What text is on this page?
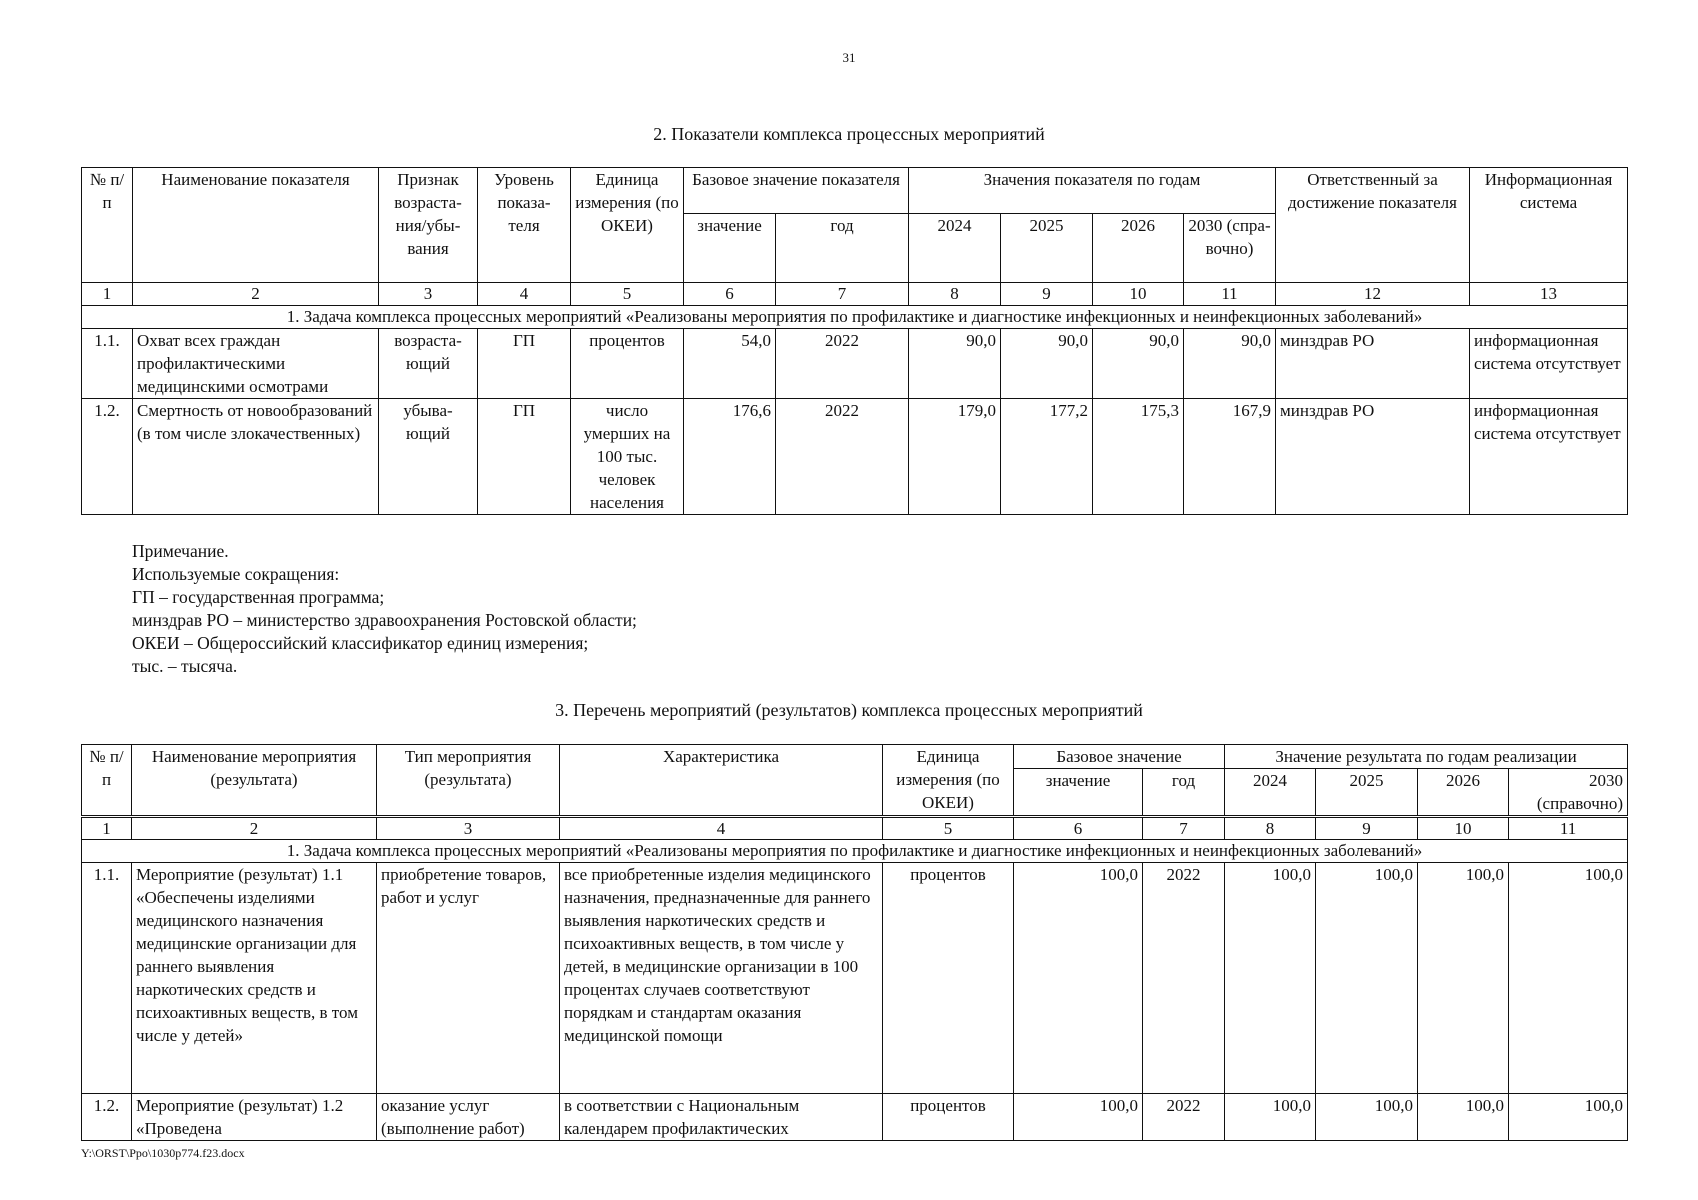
31
2. Показатели комплекса процессных мероприятий
№ п/п	Наименование показателя	Признак возраста-ния/убы-вания	Уровень показа-теля	Единица измерения (по ОКЕИ)	Базовое значение показателя		Значения показателя по годам				Ответственный за достижение показателя	Информационная система
					значение	год	2024	2025	2026	2030 (спра-вочно)		
1	2	3	4	5	6	7	8	9	10	11	12	13
1. Задача комплекса процессных мероприятий «Реализованы мероприятия по профилактике и диагностике инфекционных и неинфекционных заболеваний»												
1.1.	Охват всех граждан профилактическими медицинскими осмотрами	возраста-ющий	ГП	процентов	54,0	2022	90,0	90,0	90,0	90,0	минздрав РО	информационная система отсутствует
1.2.	Смертность от новообразований (в том числе злокачественных)	убыва-ющий	ГП	число умерших на 100 тыс. человек населения	176,6	2022	179,0	177,2	175,3	167,9	минздрав РО	информационная система отсутствует
Примечание.
Используемые сокращения:
ГП – государственная программа;
минздрав РО – министерство здравоохранения Ростовской области;
ОКЕИ – Общероссийский классификатор единиц измерения;
тыс. – тысяча.
3. Перечень мероприятий (результатов) комплекса процессных мероприятий
№ п/п	Наименование мероприятия (результата)	Тип мероприятия (результата)	Характеристика	Единица измерения (по ОКЕИ)	Базовое значение		Значение результата по годам реализации			
					значение	год	2024	2025	2026	2030 (справочно)
1	2	3	4	5	6	7	8	9	10	11
1. Задача комплекса процессных мероприятий «Реализованы мероприятия по профилактике и диагностике инфекционных и неинфекционных заболеваний»										
1.1.	Мероприятие (результат) 1.1 «Обеспечены изделиями медицинского назначения медицинские организации для раннего выявления наркотических средств и психоактивных веществ, в том числе у детей»	приобретение товаров, работ и услуг	все приобретенные изделия медицинского назначения, предназначенные для раннего выявления наркотических средств и психоактивных веществ, в том числе у детей, в медицинские организации в 100 процентах случаев соответствуют порядкам и стандартам оказания медицинской помощи	процентов	100,0	2022	100,0	100,0	100,0	100,0
1.2.	Мероприятие (результат) 1.2 «Проведена	оказание услуг (выполнение работ)	в соответствии с Национальным календарем профилактических	процентов	100,0	2022	100,0	100,0	100,0	100,0
Y:\ORST\Ppo\1030p774.f23.docx
